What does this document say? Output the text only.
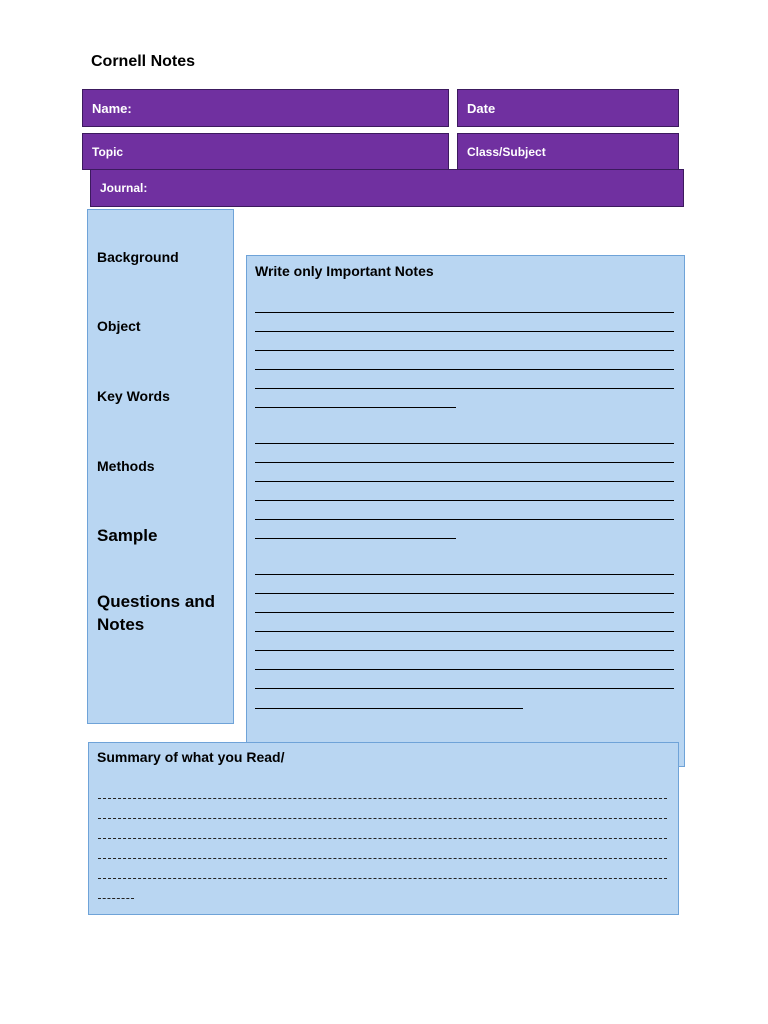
Cornell Notes
Name:	Date
Topic	Class/Subject
Journal:
Background
Object
Key Words
Methods
Sample
Questions and Notes
Write only Important Notes
Summary of what you Read/
